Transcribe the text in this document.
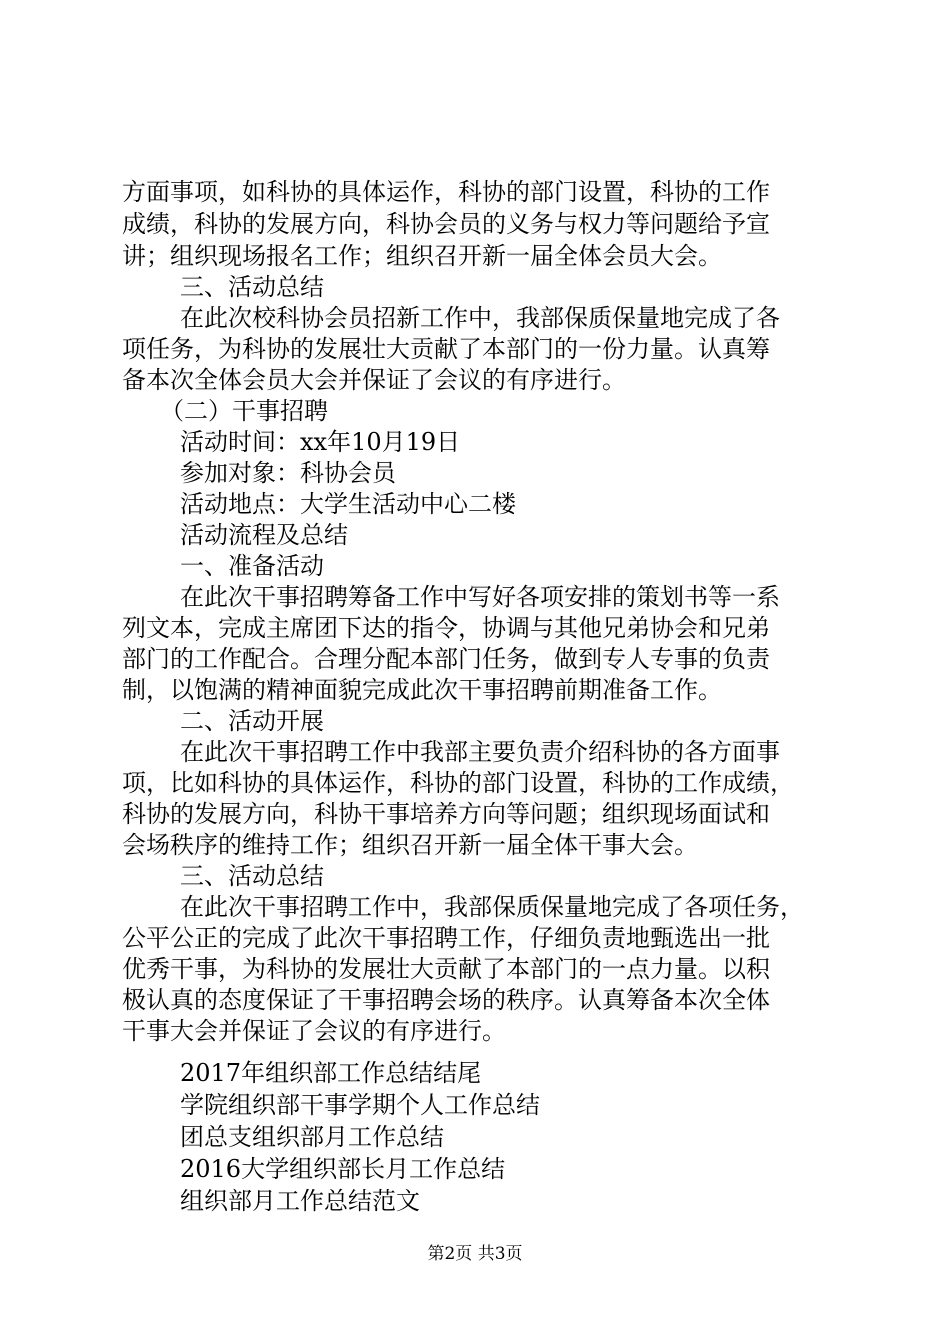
方面事项，如科协的具体运作，科协的部门设置，科协的工作
成绩，科协的发展方向，科协会员的义务与权力等问题给予宣
讲；组织现场报名工作；组织召开新一届全体会员大会。
三、活动总结
在此次校科协会员招新工作中，我部保质保量地完成了各
项任务，为科协的发展壮大贡献了本部门的一份力量。认真筹
备本次全体会员大会并保证了会议的有序进行。
（二）干事招聘
活动时间：xx年10月19日
参加对象：科协会员
活动地点：大学生活动中心二楼
活动流程及总结
一、准备活动
在此次干事招聘筹备工作中写好各项安排的策划书等一系
列文本，完成主席团下达的指令，协调与其他兄弟协会和兄弟
部门的工作配合。合理分配本部门任务，做到专人专事的负责
制，以饱满的精神面貌完成此次干事招聘前期准备工作。
二、活动开展
在此次干事招聘工作中我部主要负责介绍科协的各方面事
项，比如科协的具体运作，科协的部门设置，科协的工作成绩，
科协的发展方向，科协干事培养方向等问题；组织现场面试和
会场秩序的维持工作；组织召开新一届全体干事大会。
三、活动总结
在此次干事招聘工作中，我部保质保量地完成了各项任务，
公平公正的完成了此次干事招聘工作，仔细负责地甄选出一批
优秀干事，为科协的发展壮大贡献了本部门的一点力量。以积
极认真的态度保证了干事招聘会场的秩序。认真筹备本次全体
干事大会并保证了会议的有序进行。
2017年组织部工作总结结尾
学院组织部干事学期个人工作总结
团总支组织部月工作总结
2016大学组织部长月工作总结
组织部月工作总结范文
第2页 共3页
